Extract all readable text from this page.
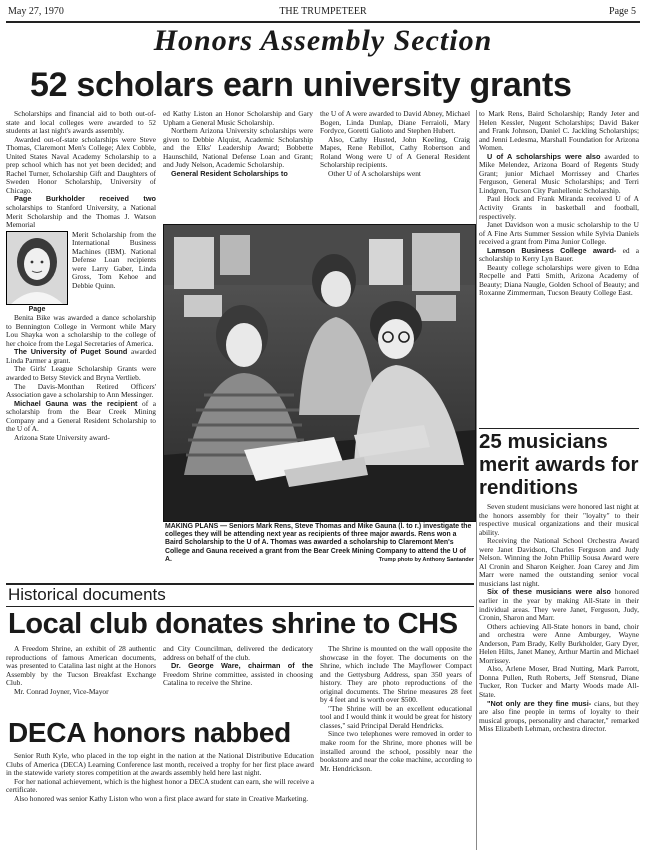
May 27, 1970	THE TRUMPETEER	Page 5
Honors Assembly Section
52 scholars earn university grants

Scholarships and financial aid to both out-of-state and local colleges were awarded to 52 students at last night's awards assembly.

Awarded out-of-state scholarships were Steve Thomas, Claremont Men's College; Alex Cobble, United States Naval Academy Scholarship to a prep school which has not yet been decided; and Rachel Turner, Scholarship Gift and Daughters of Sweden Honor Scholarship, University of Chicago.

Page Burkholder received two scholarships to Stanford University, a National Merit Scholarship and the Thomas J. Watson Memorial

Page
Merit Scholarship from the International Business Machines (IBM). National Defense Loan recipients were Larry Gaber, Linda Gross, Tom Kehoe and Debbie Quinn.

Benita Bike was awarded a dance scholarship to Bennington College in Vermont while Mary Lou Shayka won a scholarship to the college of her choice from the Legal Secretaries of America.

The University of Puget Sound awarded Linda Parmer a grant.

The Girls' League Scholarship Grants were awarded to Betsy Stevick and Bryna Vertlieb.

The Davis-Monthan Retired Officers' Association gave a scholarship to Ann Messinger.

Michael Gauna was the recipient of a scholarship from the Bear Creek Mining Company and a General Resident Scholarship to the U of A.

Arizona State University award-

ed Kathy Liston an Honor Scholarship and Gary Upham a General Music Scholarship.

Northern Arizona University scholarships were given to Debbie Alquist, Academic Scholarship and the Elks' Leadership Award; Bobbette Haunschild, National Defense Loan and Grant; and Judy Nelson, Academic Scholarship.

General Resident Scholarships to

the U of A were awarded to David Abney, Michael Bogen, Linda Dunlap, Diane Ferraioli, Mary Fordyce, Goretti Galioto and Stephen Hubert.

Also, Cathy Husted, John Keeling, Craig Mapes, Rene Rebillot, Cathy Robertson and Roland Wong were U of A General Resident Scholarship recipients.

Other U of A scholarships went

to Mark Rens, Baird Scholarship; Randy Jeter and Helen Kessler, Nugent Scholarships; David Baker and Frank Johnson, Daniel C. Jackling Scholarships; and Jenni Ledesma, Marshall Foundation for Arizona Women.

U of A scholarships were also awarded to Mike Melendez, Arizona Board of Regents Study Grant; junior Michael Morrissey and Charles Ferguson, General Music Scholarships; and Terri Lindgren, Tucson City Panhellenic Scholarship.

Paul Hock and Frank Miranda received U of A Activity Grants in basketball and football, respectively.

Janet Davidson won a music scholarship to the U of A Fine Arts Summer Session while Sylvia Daniels received a grant from Pima Junior College.

Lamson Business College award- ed a scholarship to Kerry Lyn Bauer.

Beauty college scholarships were given to Edna Recpelle and Patti Smith, Arizona Academy of Beauty; Diana Naugle, Golden School of Beauty; and Roxanne Zimmerman, Tucson Beauty College East.

MAKING PLANS — Seniors Mark Rens, Steve Thomas and Mike Gauna (l. to r.) investigate the colleges they will be attending next year as recipients of three major awards. Rens won a Baird Scholarship to the U of A. Thomas was awarded a scholarship to Claremont Men's College and Gauna received a grant from the Bear Creek Mining Company to attend the U of A.	Trump photo by Anthony Santander
25 musicians merit awards for renditions

Seven student musicians were honored last night at the honors assembly for their "loyalty" to their respective musical organizations and their musical ability.

Receiving the National School Orchestra Award were Janet Davidson, Charles Ferguson and Judy Nelson. Winning the John Phillip Sousa Award were Al Cronin and Sharon Keigher. Joan Carey and Jim Marr were named the outstanding senior vocal musicians last night.

Six of these musicians were also honored earlier in the year by making All-State in their individual areas. They were Janet, Ferguson, Judy, Cronin, Sharon and Marr.

Others achieving All-State honors in band, choir and orchestra were Anne Amburgey, Wayne Anderson, Pam Brady, Kelly Burkholder, Gary Dyer, Helen Hilts, Janet Maney, Arthur Martin and Michael Morrissey.

Also, Arlene Moser, Brad Nutting, Mark Parrott, Donna Pullen, Ruth Roberts, Jeff Stensrud, Diane Tucker, Ron Tucker and Marty Woods made All-State.

"Not only are they fine musi- cians, but they are also fine people in terms of loyalty to their musical groups, personality and character," remarked Miss Elizabeth Lehman, orchestra director.

Historical documents
Local club donates shrine to CHS

A Freedom Shrine, an exhibit of 28 authentic reproductions of famous American documents, was presented to Catalina last night at the Honors Assembly by the Tucson Breakfast Exchange Club.

Mr. Conrad Joyner, Vice-Mayor

and City Councilman, delivered the dedicatory address on behalf of the club.

Dr. George Ware, chairman of the Freedom Shrine committee, assisted in choosing Catalina to receive the Shrine.

The Shrine is mounted on the wall opposite the showcase in the foyer. The documents on the Shrine, which include The Mayflower Compact and the Gettysburg Address, span 350 years of history. They are photo reproductions of the original documents. The Shrine measures 28 feet by 4 feet and is worth over $500.

"The Shrine will be an excellent educational tool and I would think it would be great for history classes," said Principal Derald Hendricks.

Since two telephones were removed in order to make room for the Shrine, more phones will be installed around the school, possibly near the bookstore and near the coke machine, according to Mr. Hendrickson.

DECA honors nabbed

Senior Ruth Kyle, who placed in the top eight in the nation at the National Distributive Education Clubs of America (DECA) Learning Conference last month, received a trophy for her first place award in the statewide variety stores competition at the awards assembly held here last night.

For her national achievement, which is the highest honor a DECA student can earn, she will receive a certificate.

Also honored was senior Kathy Liston who won a first place award for state in Creative Marketing.
